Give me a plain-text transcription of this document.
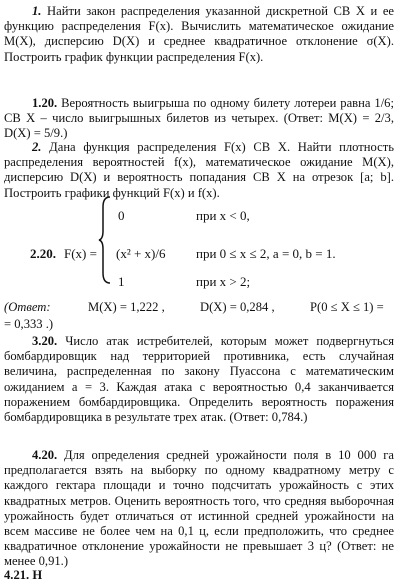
1. Найти закон распределения указанной дискретной СВ X и ее функцию распределения F(x). Вычислить математическое ожидание M(X), дисперсию D(X) и среднее квадратичное отклонение σ(X). Построить график функции распределения F(x).
1.20. Вероятность выигрыша по одному билету лотереи равна 1/6; СВ X – число выигрышных билетов из четырех. (Ответ: M(X) = 2/3, D(X) = 5/9.)
2. Дана функция распределения F(x) СВ X. Найти плотность распределения вероятностей f(x), математическое ожидание M(X), дисперсию D(X) и вероятность попадания СВ X на отрезок [a; b]. Построить графики функций F(x) и f(x).
2.20. F(x) =
0	при x < 0,
(x² + x)/6 при 0 ≤ x ≤ 2, a = 0, b = 1.
1	при x > 2;
(Ответ:	M(X) = 1,222 ,	D(X) = 0,284 ,	P(0 ≤ X ≤ 1) =
= 0,333 .)
3.20. Число атак истребителей, которым может подвергнуться бомбардировщик над территорией противника, есть случайная величина, распределенная по закону Пуассона с математическим ожиданием a = 3. Каждая атака с вероятностью 0,4 заканчивается поражением бомбардировщика. Определить вероятность поражения бомбардировщика в результате трех атак. (Ответ: 0,784.)
4.20. Для определения средней урожайности поля в 10 000 га предполагается взять на выборку по одному квадратному метру с каждого гектара площади и точно подсчитать урожайность с этих квадратных метров. Оценить вероятность того, что средняя выборочная урожайность будет отличаться от истинной средней урожайности на всем массиве не более чем на 0,1 ц, если предположить, что среднее квадратичное отклонение урожайности не превышает 3 ц? (Ответ: не менее 0,91.)
4.21. Н
